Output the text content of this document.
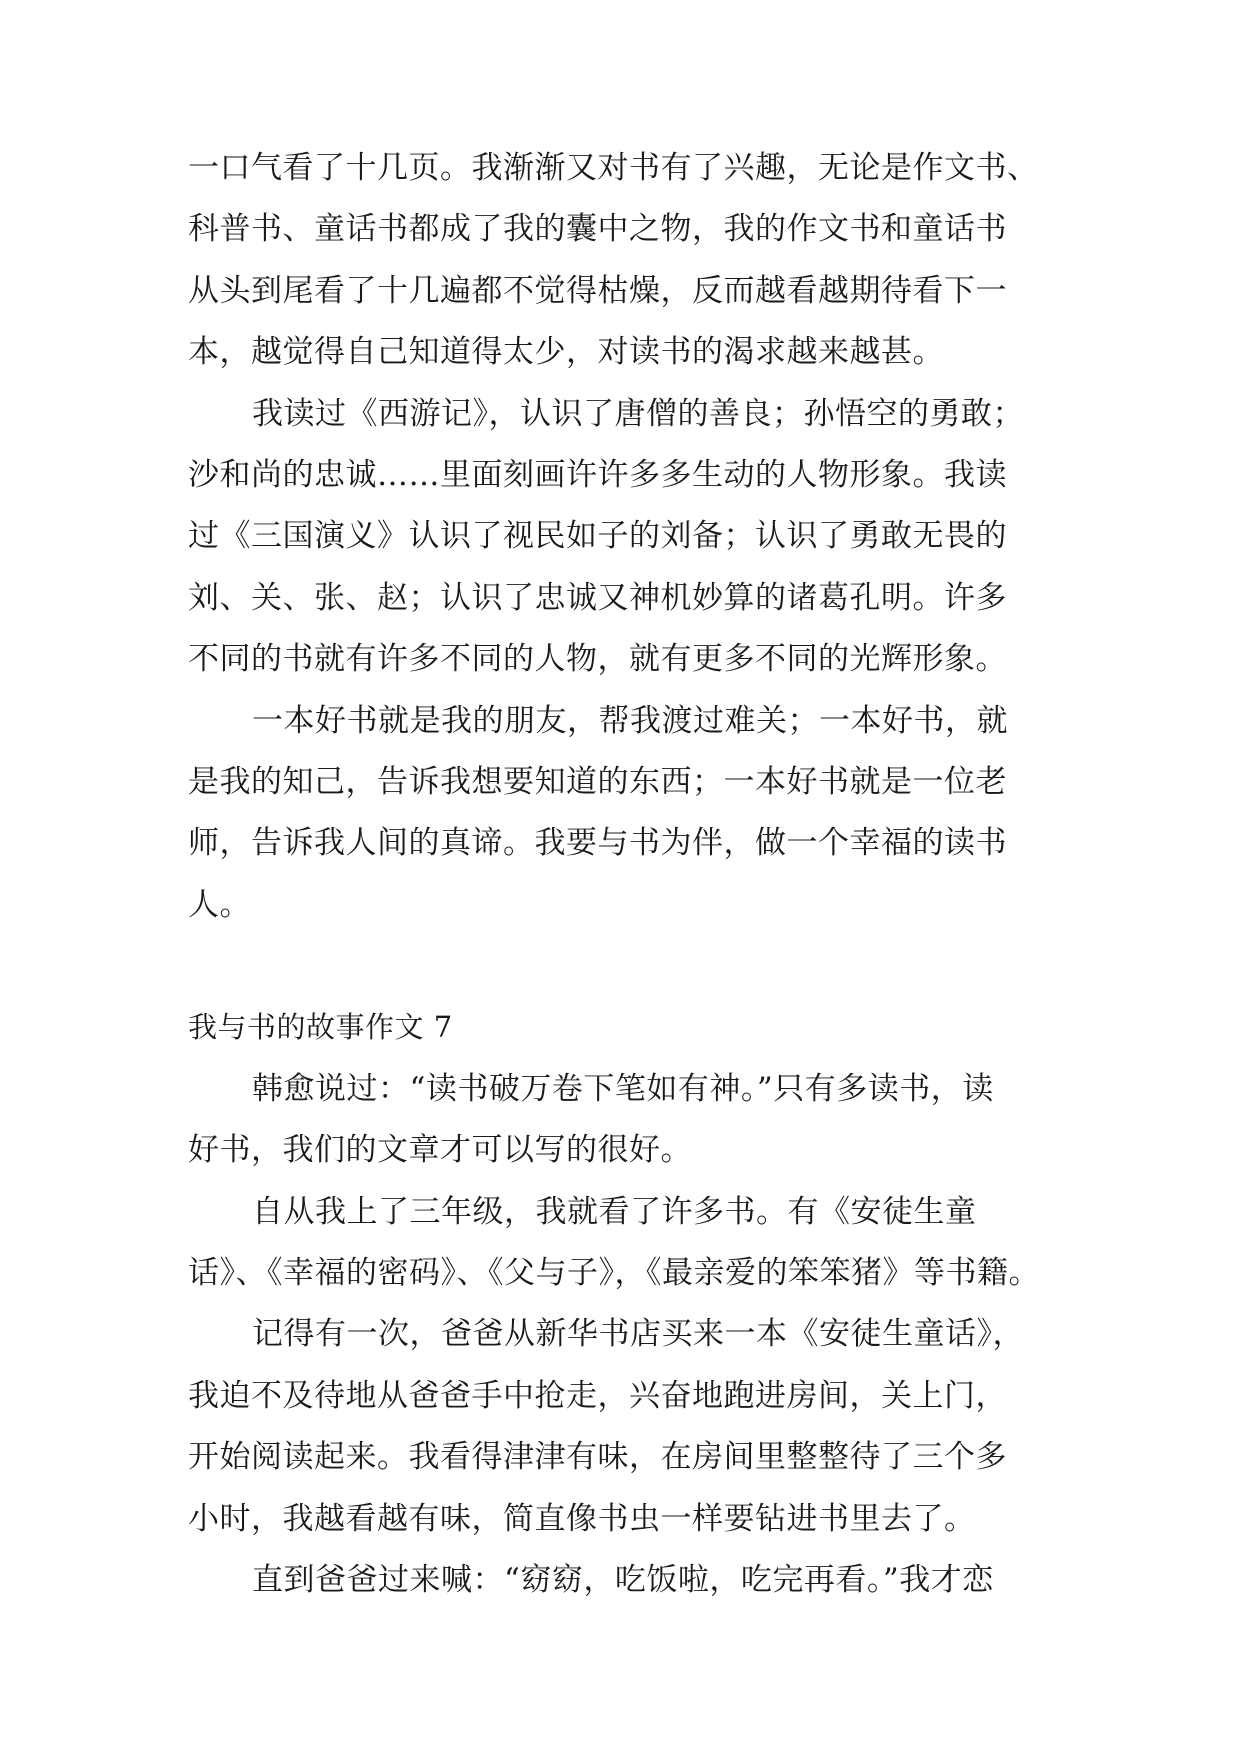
一口气看了十几页。我渐渐又对书有了兴趣，无论是作文书、
科普书、童话书都成了我的囊中之物，我的作文书和童话书
从头到尾看了十几遍都不觉得枯燥，反而越看越期待看下一
本，越觉得自己知道得太少，对读书的渴求越来越甚。
我读过《西游记》，认识了唐僧的善良；孙悟空的勇敢；
沙和尚的忠诚……里面刻画许许多多生动的人物形象。我读
过《三国演义》认识了视民如子的刘备；认识了勇敢无畏的
刘、关、张、赵；认识了忠诚又神机妙算的诸葛孔明。许多
不同的书就有许多不同的人物，就有更多不同的光辉形象。
一本好书就是我的朋友，帮我渡过难关；一本好书，就
是我的知己，告诉我想要知道的东西；一本好书就是一位老
师，告诉我人间的真谛。我要与书为伴，做一个幸福的读书
人。
我与书的故事作文 7
韩愈说过：“读书破万卷下笔如有神。”只有多读书，读
好书，我们的文章才可以写的很好。
自从我上了三年级，我就看了许多书。有《安徒生童
话》、《幸福的密码》、《父与子》，《最亲爱的笨笨猪》等书籍。
记得有一次，爸爸从新华书店买来一本《安徒生童话》，
我迫不及待地从爸爸手中抢走，兴奋地跑进房间，关上门，
开始阅读起来。我看得津津有味，在房间里整整待了三个多
小时，我越看越有味，简直像书虫一样要钻进书里去了。
直到爸爸过来喊：“窈窈，吃饭啦，吃完再看。”我才恋
